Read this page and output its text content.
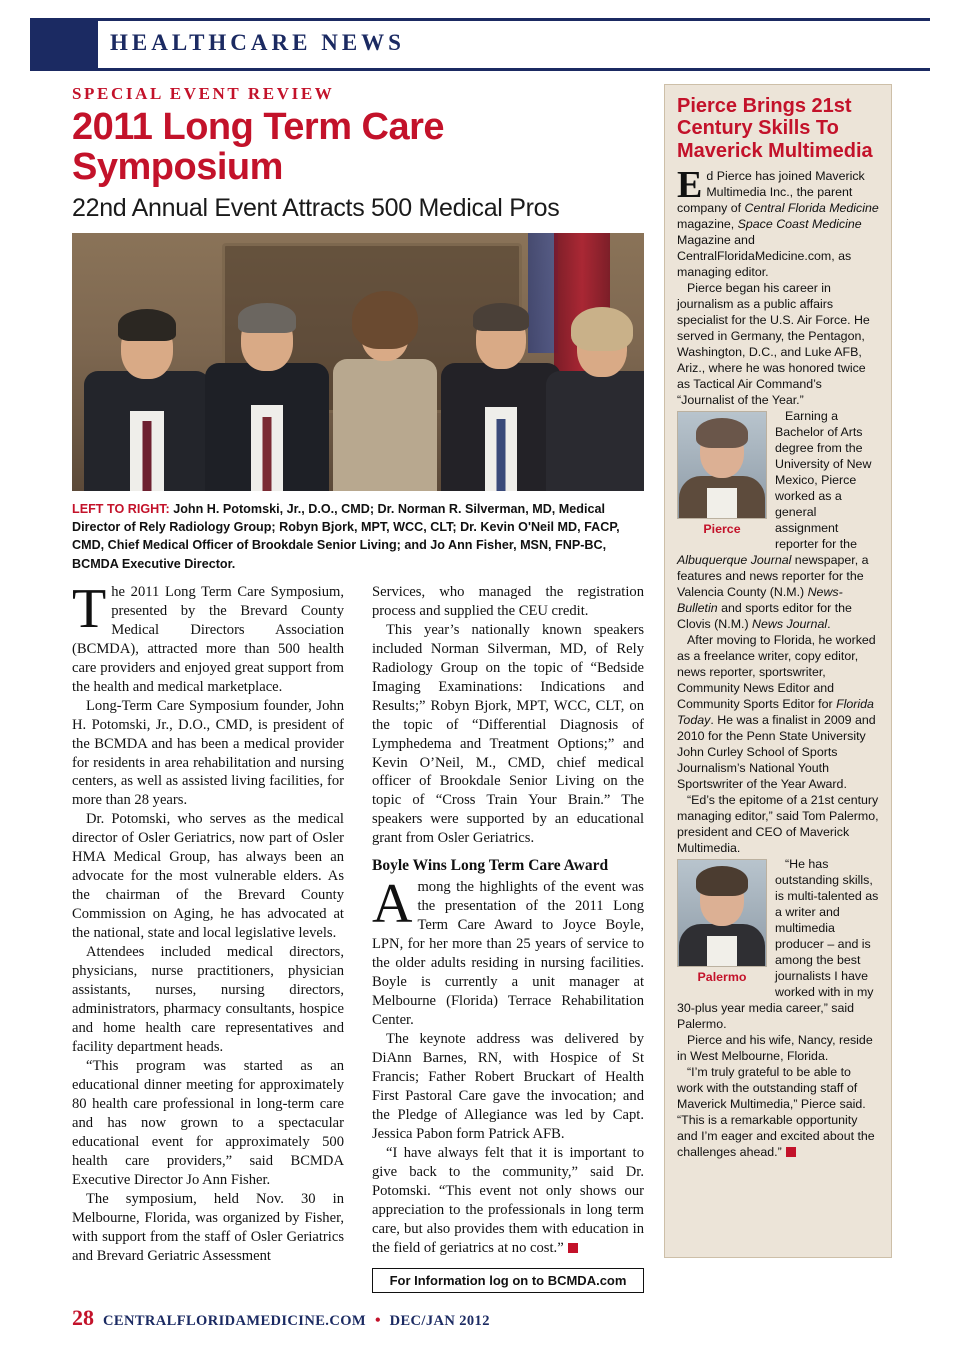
HEALTHCARE NEWS
SPECIAL EVENT REVIEW
2011 Long Term Care Symposium
22nd Annual Event Attracts 500 Medical Pros
LEFT TO RIGHT: John H. Potomski, Jr., D.O., CMD; Dr. Norman R. Silverman, MD, Medical Director of Rely Radiology Group; Robyn Bjork, MPT, WCC, CLT; Dr. Kevin O'Neil MD, FACP, CMD, Chief Medical Officer of Brookdale Senior Living; and Jo Ann Fisher, MSN, FNP-BC, BCMDA Executive Director.

The 2011 Long Term Care Symposium, presented by the Brevard County Medical Directors Association (BCMDA), attracted more than 500 health care providers and enjoyed great support from the health and medical marketplace.

Long-Term Care Symposium founder, John H. Potomski, Jr., D.O., CMD, is president of the BCMDA and has been a medical provider for residents in area rehabilitation and nursing centers, as well as assisted living facilities, for more than 28 years.

Dr. Potomski, who serves as the medical director of Osler Geriatrics, now part of Osler HMA Medical Group, has always been an advocate for the most vulnerable elders. As the chairman of the Brevard County Commission on Aging, he has advocated at the national, state and local legislative levels.

Attendees included medical directors, physicians, nurse practitioners, physician assistants, nurses, nursing directors, administrators, pharmacy consultants, hospice and home health care representatives and facility department heads.

“This program was started as an educational dinner meeting for approximately 80 health care professional in long-term care and has now grown to a spectacular educational event for approximately 500 health care providers,” said BCMDA Executive Director Jo Ann Fisher.

The symposium, held Nov. 30 in Melbourne, Florida, was organized by Fisher, with support from the staff of Osler Geriatrics and Brevard Geriatric Assessment

Services, who managed the registration process and supplied the CEU credit.

This year’s nationally known speakers included Norman Silverman, MD, of Rely Radiology Group on the topic of “Bedside Imaging Examinations: Indications and Results;” Robyn Bjork, MPT, WCC, CLT, on the topic of “Differential Diagnosis of Lymphedema and Treatment Options;” and Kevin O’Neil, M., CMD, chief medical officer of Brookdale Senior Living on the topic of “Cross Train Your Brain.” The speakers were supported by an educational grant from Osler Geriatrics.

Boyle Wins Long Term Care Award

Among the highlights of the event was the presentation of the 2011 Long Term Care Award to Joyce Boyle, LPN, for her more than 25 years of service to the older adults residing in nursing facilities. Boyle is currently a unit manager at Melbourne (Florida) Terrace Rehabilitation Center.

The keynote address was delivered by DiAnn Barnes, RN, with Hospice of St Francis; Father Robert Bruckart of Health First Pastoral Care gave the invocation; and the Pledge of Allegiance was led by Capt. Jessica Pabon form Patrick AFB.

“I have always felt that it is important to give back to the community,” said Dr. Potomski. “This event not only shows our appreciation to the professionals in long term care, but also provides them with education in the field of geriatrics at no cost.”

For Information log on to BCMDA.com
Pierce Brings 21st Century Skills To Maverick Multimedia

Ed Pierce has joined Maverick Multimedia Inc., the parent company of Central Florida Medicine magazine, Space Coast Medicine Magazine and CentralFloridaMedicine.com, as managing editor.

Pierce began his career in journalism as a public affairs specialist for the U.S. Air Force. He served in Germany, the Pentagon, Washington, D.C., and Luke AFB, Ariz., where he was honored twice as Tactical Air Command’s “Journalist of the Year.”

Pierce

Earning a Bachelor of Arts degree from the University of New Mexico, Pierce worked as a general assignment reporter for the Albuquerque Journal newspaper, a features and news reporter for the Valencia County (N.M.) News-Bulletin and sports editor for the Clovis (N.M.) News Journal.

After moving to Florida, he worked as a freelance writer, copy editor, news reporter, sportswriter, Community News Editor and Community Sports Editor for Florida Today. He was a finalist in 2009 and 2010 for the Penn State University John Curley School of Sports Journalism’s National Youth Sportswriter of the Year Award.

“Ed’s the epitome of a 21st century managing editor,” said Tom Palermo, president and CEO of Maverick Multimedia.

Palermo

“He has outstanding skills, is multi-talented as a writer and multimedia producer – and is among the best journalists I have worked with in my 30-plus year media career,” said Palermo.

Pierce and his wife, Nancy, reside in West Melbourne, Florida.

“I’m truly grateful to be able to work with the outstanding staff of Maverick Multimedia,” Pierce said. “This is a remarkable opportunity and I’m eager and excited about the challenges ahead.”

28 CENTRALFLORIDAMEDICINE.COM • DEC/JAN 2012
